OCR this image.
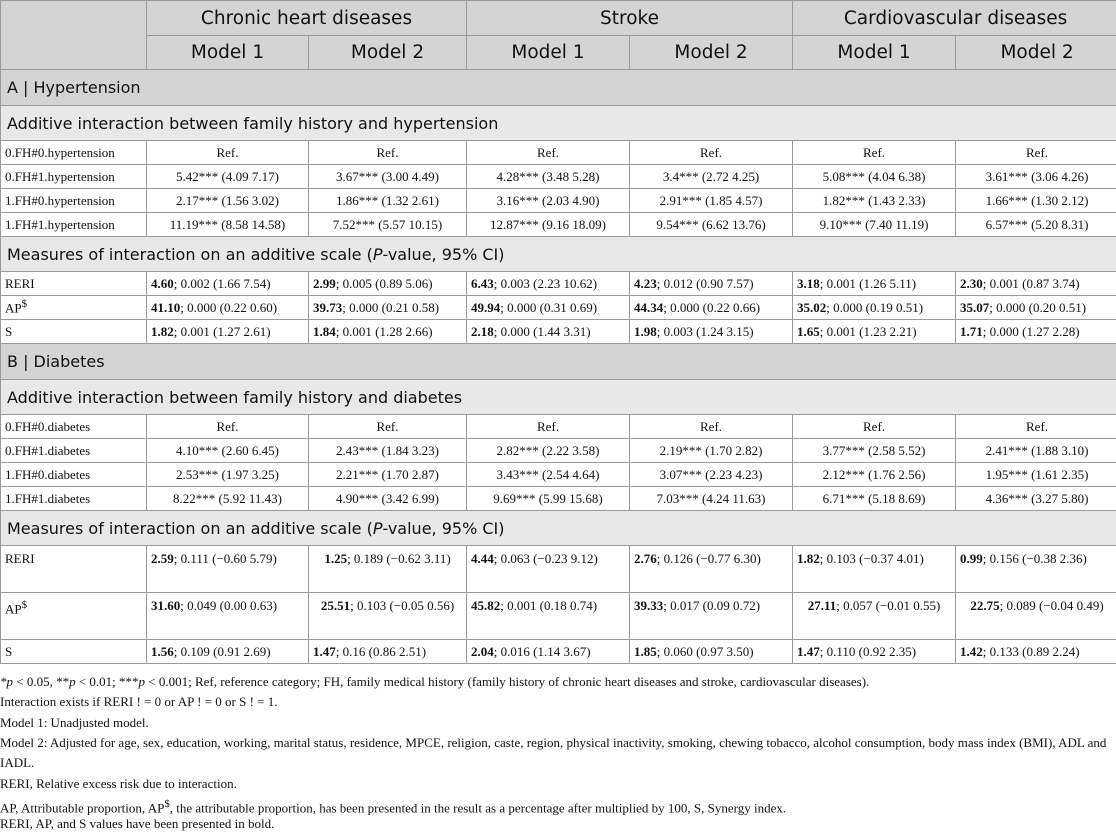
	Chronic heart diseases		Stroke		Cardiovascular diseases	
	Model 1	Model 2	Model 1	Model 2	Model 1	Model 2
A | Hypertension						
Additive interaction between family history and hypertension						
0.FH#0.hypertension	Ref.	Ref.	Ref.	Ref.	Ref.	Ref.
0.FH#1.hypertension	5.42*** (4.09 7.17)	3.67*** (3.00 4.49)	4.28*** (3.48 5.28)	3.4*** (2.72 4.25)	5.08*** (4.04 6.38)	3.61*** (3.06 4.26)
1.FH#0.hypertension	2.17*** (1.56 3.02)	1.86*** (1.32 2.61)	3.16*** (2.03 4.90)	2.91*** (1.85 4.57)	1.82*** (1.43 2.33)	1.66*** (1.30 2.12)
1.FH#1.hypertension	11.19*** (8.58 14.58)	7.52*** (5.57 10.15)	12.87*** (9.16 18.09)	9.54*** (6.62 13.76)	9.10*** (7.40 11.19)	6.57*** (5.20 8.31)
Measures of interaction on an additive scale (P-value, 95% CI)						
RERI	4.60; 0.002 (1.66 7.54)	2.99; 0.005 (0.89 5.06)	6.43; 0.003 (2.23 10.62)	4.23; 0.012 (0.90 7.57)	3.18; 0.001 (1.26 5.11)	2.30; 0.001 (0.87 3.74)
AP$	41.10; 0.000 (0.22 0.60)	39.73; 0.000 (0.21 0.58)	49.94; 0.000 (0.31 0.69)	44.34; 0.000 (0.22 0.66)	35.02; 0.000 (0.19 0.51)	35.07; 0.000 (0.20 0.51)
S	1.82; 0.001 (1.27 2.61)	1.84; 0.001 (1.28 2.66)	2.18; 0.000 (1.44 3.31)	1.98; 0.003 (1.24 3.15)	1.65; 0.001 (1.23 2.21)	1.71; 0.000 (1.27 2.28)
B | Diabetes						
Additive interaction between family history and diabetes						
0.FH#0.diabetes	Ref.	Ref.	Ref.	Ref.	Ref.	Ref.
0.FH#1.diabetes	4.10*** (2.60 6.45)	2.43*** (1.84 3.23)	2.82*** (2.22 3.58)	2.19*** (1.70 2.82)	3.77*** (2.58 5.52)	2.41*** (1.88 3.10)
1.FH#0.diabetes	2.53*** (1.97 3.25)	2.21*** (1.70 2.87)	3.43*** (2.54 4.64)	3.07*** (2.23 4.23)	2.12*** (1.76 2.56)	1.95*** (1.61 2.35)
1.FH#1.diabetes	8.22*** (5.92 11.43)	4.90*** (3.42 6.99)	9.69*** (5.99 15.68)	7.03*** (4.24 11.63)	6.71*** (5.18 8.69)	4.36*** (3.27 5.80)
Measures of interaction on an additive scale (P-value, 95% CI)						
RERI	2.59; 0.111 (−0.60 5.79)	1.25; 0.189 (−0.62 3.11)	4.44; 0.063 (−0.23 9.12)	2.76; 0.126 (−0.77 6.30)	1.82; 0.103 (−0.37 4.01)	0.99; 0.156 (−0.38 2.36)
AP$	31.60; 0.049 (0.00 0.63)	25.51; 0.103 (−0.05 0.56)	45.82; 0.001 (0.18 0.74)	39.33; 0.017 (0.09 0.72)	27.11; 0.057 (−0.01 0.55)	22.75; 0.089 (−0.04 0.49)
S	1.56; 0.109 (0.91 2.69)	1.47; 0.16 (0.86 2.51)	2.04; 0.016 (1.14 3.67)	1.85; 0.060 (0.97 3.50)	1.47; 0.110 (0.92 2.35)	1.42; 0.133 (0.89 2.24)
*p < 0.05, **p < 0.01; ***p < 0.001; Ref, reference category; FH, family medical history (family history of chronic heart diseases and stroke, cardiovascular diseases).
Interaction exists if RERI ! = 0 or AP ! = 0 or S ! = 1.
Model 1: Unadjusted model.
Model 2: Adjusted for age, sex, education, working, marital status, residence, MPCE, religion, caste, region, physical inactivity, smoking, chewing tobacco, alcohol consumption, body mass index (BMI), ADL and IADL.
RERI, Relative excess risk due to interaction.
AP, Attributable proportion, AP$, the attributable proportion, has been presented in the result as a percentage after multiplied by 100, S, Synergy index.
RERI, AP, and S values have been presented in bold.
